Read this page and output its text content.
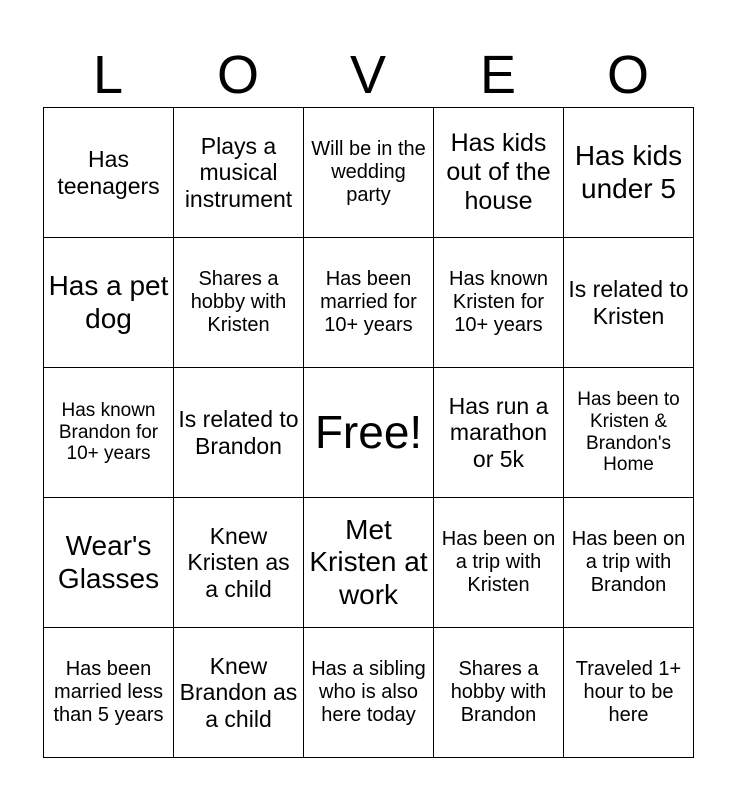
L	O	V	E	O
Has teenagers	Plays a musical instrument	Will be in the wedding party	Has kids out of the house	Has kids under 5
Has a pet dog	Shares a hobby with Kristen	Has been married for 10+ years	Has known Kristen for 10+ years	Is related to Kristen
Has known Brandon for 10+ years	Is related to Brandon	Free!	Has run a marathon or 5k	Has been to Kristen & Brandon's Home
Wear's Glasses	Knew Kristen as a child	Met Kristen at work	Has been on a trip with Kristen	Has been on a trip with Brandon
Has been married less than 5 years	Knew Brandon as a child	Has a sibling who is also here today	Shares a hobby with Brandon	Traveled 1+ hour to be here
